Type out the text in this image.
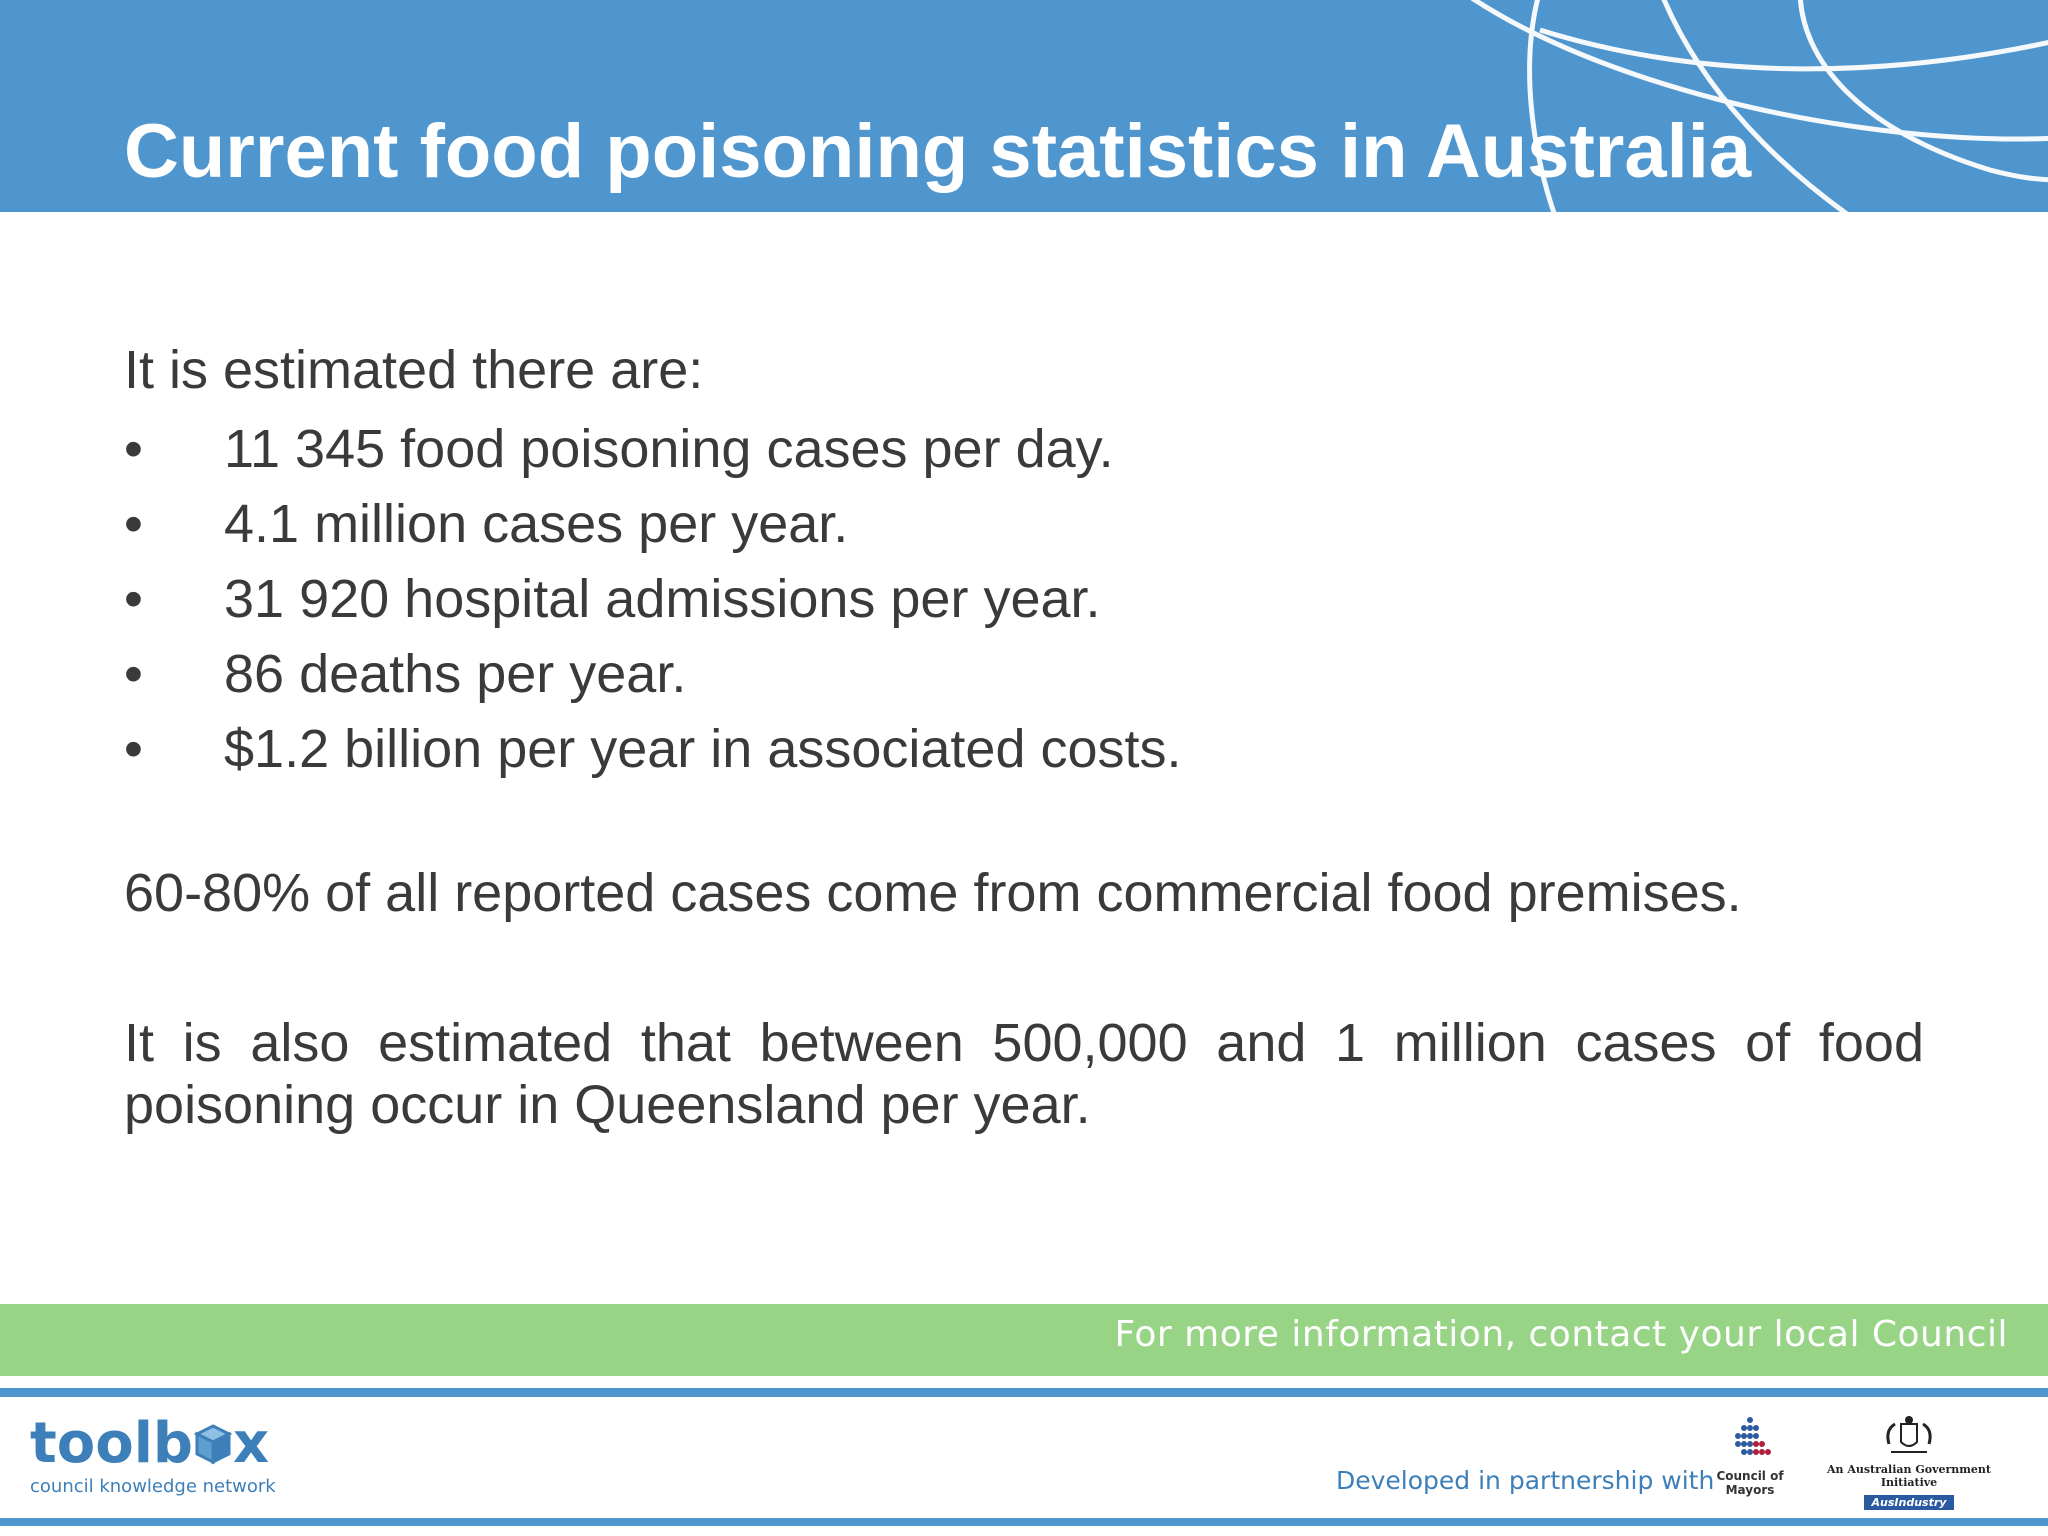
Current food poisoning statistics in Australia

It is estimated there are:

• 11 345 food poisoning cases per day.
• 4.1 million cases per year.
• 31 920 hospital admissions per year.
• 86 deaths per year.
• $1.2 billion per year in associated costs.

60-80% of all reported cases come from commercial food premises.

It is also estimated that between 500,000 and 1 million cases of food poisoning occur in Queensland per year.

For more information, contact your local Council
toolb x
council knowledge network	Developed in partnership with Council of Mayors
An Australian Government Initiative
AusIndustry
